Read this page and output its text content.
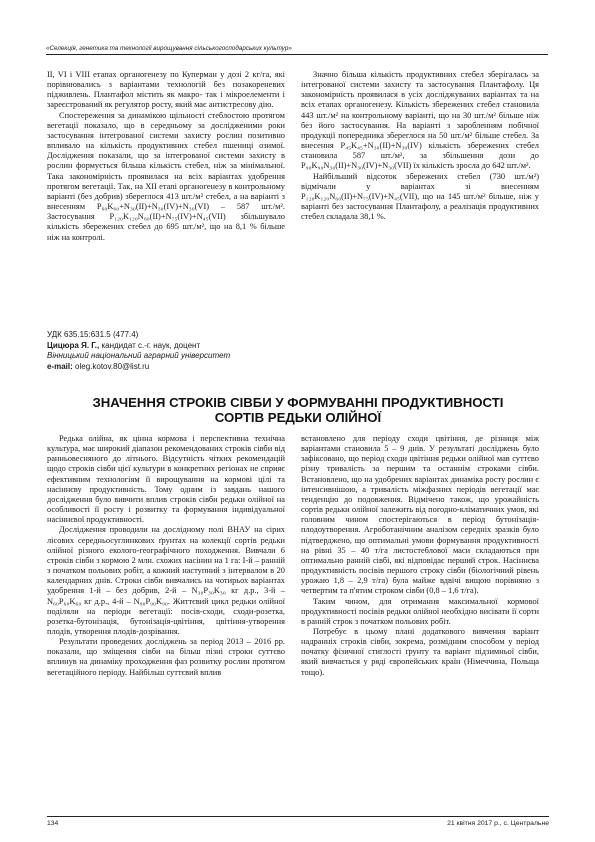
«Селекція, генетика та технології вирощування сільськогосподарських культур»

II, VI і VIII етапах органогенезу по Куперман у дозі 2 кг/га, які порівнювались з варіантами технологій без позакореневих підживлень. Плантафол містить як макро- так і мікроелементи і зареєстрований як регулятор росту, який має антистресову дію.

Спостереження за динамікою щільності стеблостою протягом вегетації показало, що в середньому за дослідженими роки застосування інтегрованої системи захисту рослин позитивно впливало на кількість продуктивних стебел пшениці озимої. Дослідження показали, що за інтегрованої системи захисту в рослин формується більша кількість стебел, ніж за мінімальної. Така закономірність проявилася на всіх варіантах удобрення протягом вегетації. Так, на ХІІ етапі органогенезу в контрольному варіанті (без добрив) збереглося 413 шт./м² стебел, а на варіанті з внесенням P₆₀K₆₀+N₃₀(II)+N₃₀(IV)+N₃₀(VI) – 587 шт./м². Застосування P₁₂₀K₁₂₀N₆₀(II)+N₇₅(IV)+N₄₅(VII) збільшувало кількість збережених стебел до 695 шт./м², що на 8,1 % більше ніж на контролі.

Значно більша кількість продуктивних стебел зберігалась за інтегрованої системи захисту та застосування Плантафолу. Ця закономірність проявилася в усіх досліджуваних варіантах та на всіх етапах органогенезу. Кількість збережених стебел становила 443 шт./м² на контрольному варіанті, що на 30 шт./м² більше ніж без його застосування. На варіанті з заробленням побічної продукції попередника збереглося на 50 шт./м² більше стебел. За внесення P₄₅K₄₅+N₃₀(II)+N₃₀(IV) кількість збережених стебел становила 587 шт./м², за збільшення дози до P₉₀K₉₀N₃₀(II)+N₃₀(IV)+N₃₀(VII) їх кількість зросла до 642 шт./м².

Найбільший відсоток збережених стебел (730 шт./м²) відмічали у варіантах зі внесенням P₁₂₀K₁₂₀N₆₀(II)+N₇₅(IV)+N₄₅(VII), що на 145 шт./м² більше, ніж у варіанті без застосування Плантафолу, а реалізація продуктивних стебел складала 38,1 %.

УДК 635.15:631.5 (477.4)
Цицюра Я. Г., кандидат с.-г. наук, доцент
Вінницький національний аграрний університет
e-mail: oleg.kotov.80@list.ru
ЗНАЧЕННЯ СТРОКІВ СІВБИ У ФОРМУВАННІ ПРОДУКТИВНОСТІ
СОРТІВ РЕДЬКИ ОЛІЙНОЇ

Редька олійна, як цінна кормова і перспективна технічна культура, має широкий діапазон рекомендованих строків сівби від ранньовесняного до літнього. Відсутність чітких рекомендацій щодо строків сівби цієї культури в конкретних регіонах не сприяє ефективним технологіям її вирощування на кормові цілі та насіннєву продуктивність. Тому одним із завдань нашого дослідження було вивчити вплив строків сівби редьки олійної на особливості її росту і розвитку та формування індивідуальної насіннєвої продуктивності.

Дослідження проводили на дослідному полі ВНАУ на сірих лісових середньосуглинкових ґрунтах на колекції сортів редьки олійної різного еколого-географічного походження. Вивчали 6 строків сівби з кормою 2 млн. схожих насінин на 1 га: I-й – ранній з початком польових робіт, а кожний наступний з інтервалом в 20 календарних днів. Строки сівби вивчались на чотирьох варіантах удобрення 1-й – без добрив, 2-й – N₃₀P₃₀K₃₀ кг д.р., 3-й – N₆₀P₆₀K₆₀ кг д.р., 4-й – N₉₀P₉₀K₉₀. Життєвий цикл редьки олійної поділяли на періоди вегетації: посів-сходи, сходи-розетка, розетка-бутонізація, бутонізація-цвітіння, цвітіння-утворення плодів, утворення плодів-дозрівання.

Результати проведених досліджень за період 2013 – 2016 рр. показали, що зміщення сівби на більш пізні строки суттєво вплинув на динаміку проходження фаз розвитку рослин протягом вегетаційного періоду. Найбільш суттєвий вплив

встановлено для періоду сходи цвітіння, де різниця між варіантами становила 5 – 9 днів. У результаті досліджень було зафіксовано, що період сходи цвітіння редьки олійної мав суттєво різну тривалість за першим та останнім строками сівби. Встановлено, що на удобрених варіантах динаміка росту рослин є інтенсивнішою, а тривалість міжфазних періодів вегетації має тенденцію до подовження. Відмічено також, що урожайність сортів редьки олійної залежить від погодно-кліматичних умов, які головним чином спостерігаються в період бутонізація-плодоутворення. Агроботанічним аналізом середніх зразків було підтверджено, що оптимальні умови формування продуктивності на рівні 35 – 40 т/га листостеблової маси складаються при оптимально ранній сівбі, які відповідає перший строк. Насіннєва продуктивність посівів першого строку сівби (біологічний рівень урожаю 1,8 – 2,9 т/га) була майже вдвічі вищою порівняно з четвертим та п'ятим строком сівби (0,8 – 1,6 т/га).

Таким чином, для отримання максимальної кормової продуктивності посівів редьки олійної необхідно висівати її сорти в ранній строк з початком польових робіт.

Потребує в цьому плані додаткового вивчення варіант надранніх строків сівби, зокрема, розмідним способом у період початку фізичної стиглості ґрунту та варіант підзимньої сівби, який вивчається у ряді європейських країн (Німеччина, Польща тощо).

134	21 квітня 2017 р., с. Центральне
